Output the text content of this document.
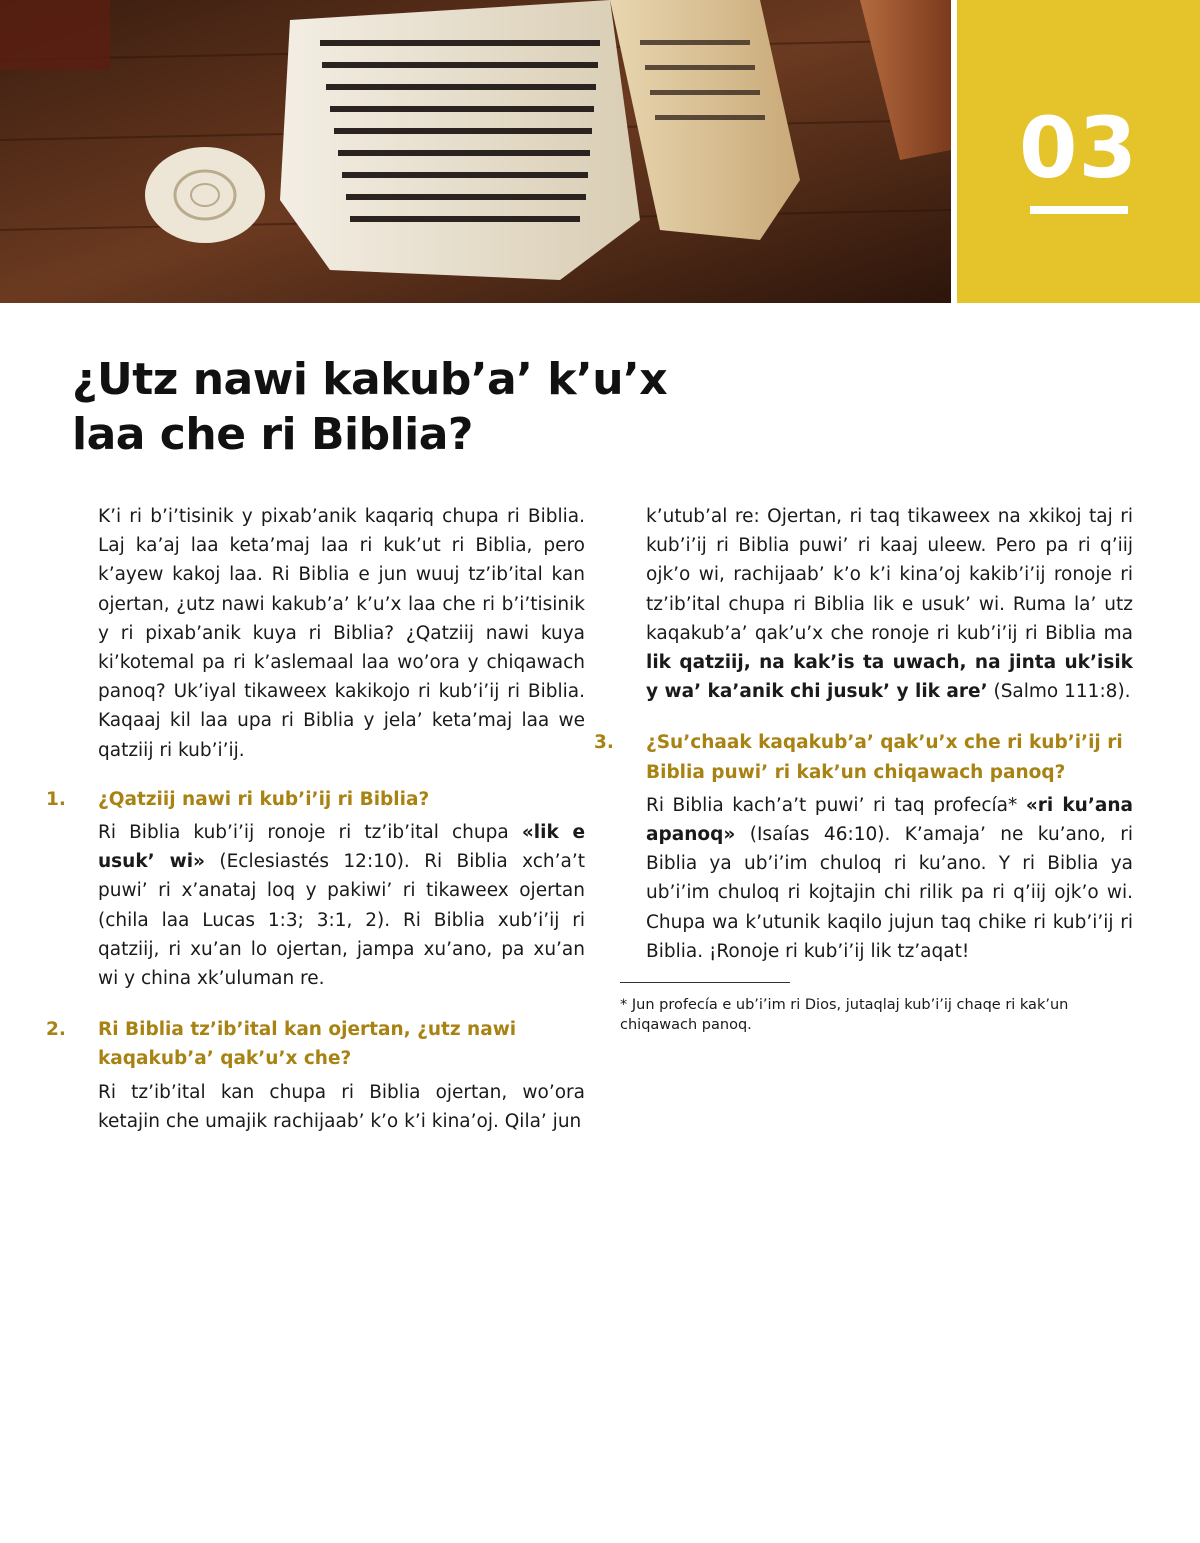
03
¿Utz nawi kakub’a’ k’u’x
laa che ri Biblia?

K’i ri b’i’tisinik y pixab’anik kaqariq chupa ri Biblia. Laj ka’aj laa keta’maj laa ri kuk’ut ri Biblia, pero k’ayew kakoj laa. Ri Biblia e jun wuuj tz’ib’ital kan ojertan, ¿utz nawi kakub’a’ k’u’x laa che ri b’i’tisinik y ri pixab’anik kuya ri Biblia? ¿Qatziij nawi kuya ki’kotemal pa ri k’aslemaal laa wo’ora y chiqawach panoq? Uk’iyal tikaweex kakikojo ri kub’i’ij ri Biblia. Kaqaaj kil laa upa ri Biblia y jela’ keta’maj laa we qatziij ri kub’i’ij.

1. ¿Qatziij nawi ri kub’i’ij ri Biblia?

Ri Biblia kub’i’ij ronoje ri tz’ib’ital chupa «lik e usuk’ wi» (Eclesiastés 12:10). Ri Biblia xch’a’t puwi’ ri x’anataj loq y pakiwi’ ri tikaweex ojertan (chila laa Lucas 1:3; 3:1, 2). Ri Biblia xub’i’ij ri qatziij, ri xu’an lo ojertan, jampa xu’ano, pa xu’an wi y china xk’uluman re.

2. Ri Biblia tz’ib’ital kan ojertan, ¿utz nawi kaqakub’a’ qak’u’x che?

Ri tz’ib’ital kan chupa ri Biblia ojertan, wo’ora ketajin che umajik rachijaab’ k’o k’i kina’oj. Qila’ jun

k’utub’al re: Ojertan, ri taq tikaweex na xkikoj taj ri kub’i’ij ri Biblia puwi’ ri kaaj uleew. Pero pa ri q’iij ojk’o wi, rachijaab’ k’o k’i kina’oj kakib’i’ij ronoje ri tz’ib’ital chupa ri Biblia lik e usuk’ wi. Ruma la’ utz kaqakub’a’ qak’u’x che ronoje ri kub’i’ij ri Biblia ma lik qatziij, na kak’is ta uwach, na jinta uk’isik y wa’ ka’anik chi jusuk’ y lik are’ (Salmo 111:8).

3. ¿Su’chaak kaqakub’a’ qak’u’x che ri kub’i’ij ri Biblia puwi’ ri kak’un chiqawach panoq?

Ri Biblia kach’a’t puwi’ ri taq profecía* «ri ku’ana apanoq» (Isaías 46:10). K’amaja’ ne ku’ano, ri Biblia ya ub’i’im chuloq ri ku’ano. Y ri Biblia ya ub’i’im chuloq ri kojtajin chi rilik pa ri q’iij ojk’o wi. Chupa wa k’utunik kaqilo jujun taq chike ri kub’i’ij ri Biblia. ¡Ronoje ri kub’i’ij lik tz’aqat!

* Jun profecía e ub’i’im ri Dios, jutaqlaj kub’i’ij chaqe ri kak’un chiqawach panoq.
